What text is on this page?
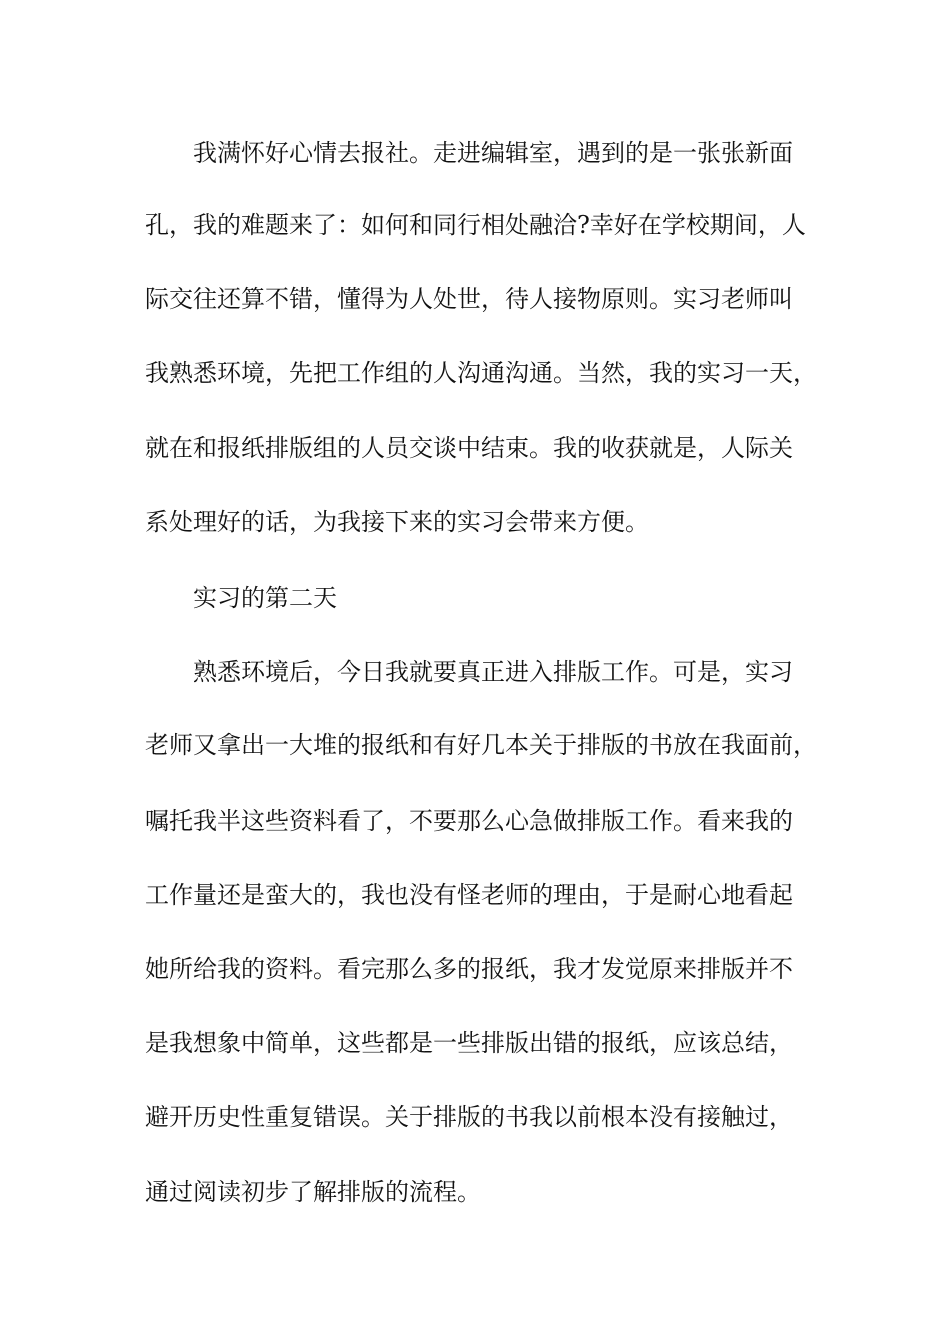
我满怀好心情去报社。走进编辑室，遇到的是一张张新面
孔，我的难题来了：如何和同行相处融洽?幸好在学校期间，人
际交往还算不错，懂得为人处世，待人接物原则。实习老师叫
我熟悉环境，先把工作组的人沟通沟通。当然，我的实习一天，
就在和报纸排版组的人员交谈中结束。我的收获就是，人际关
系处理好的话，为我接下来的实习会带来方便。
实习的第二天
熟悉环境后，今日我就要真正进入排版工作。可是，实习
老师又拿出一大堆的报纸和有好几本关于排版的书放在我面前，
嘱托我半这些资料看了，不要那么心急做排版工作。看来我的
工作量还是蛮大的，我也没有怪老师的理由，于是耐心地看起
她所给我的资料。看完那么多的报纸，我才发觉原来排版并不
是我想象中简单，这些都是一些排版出错的报纸，应该总结，
避开历史性重复错误。关于排版的书我以前根本没有接触过，
通过阅读初步了解排版的流程。
